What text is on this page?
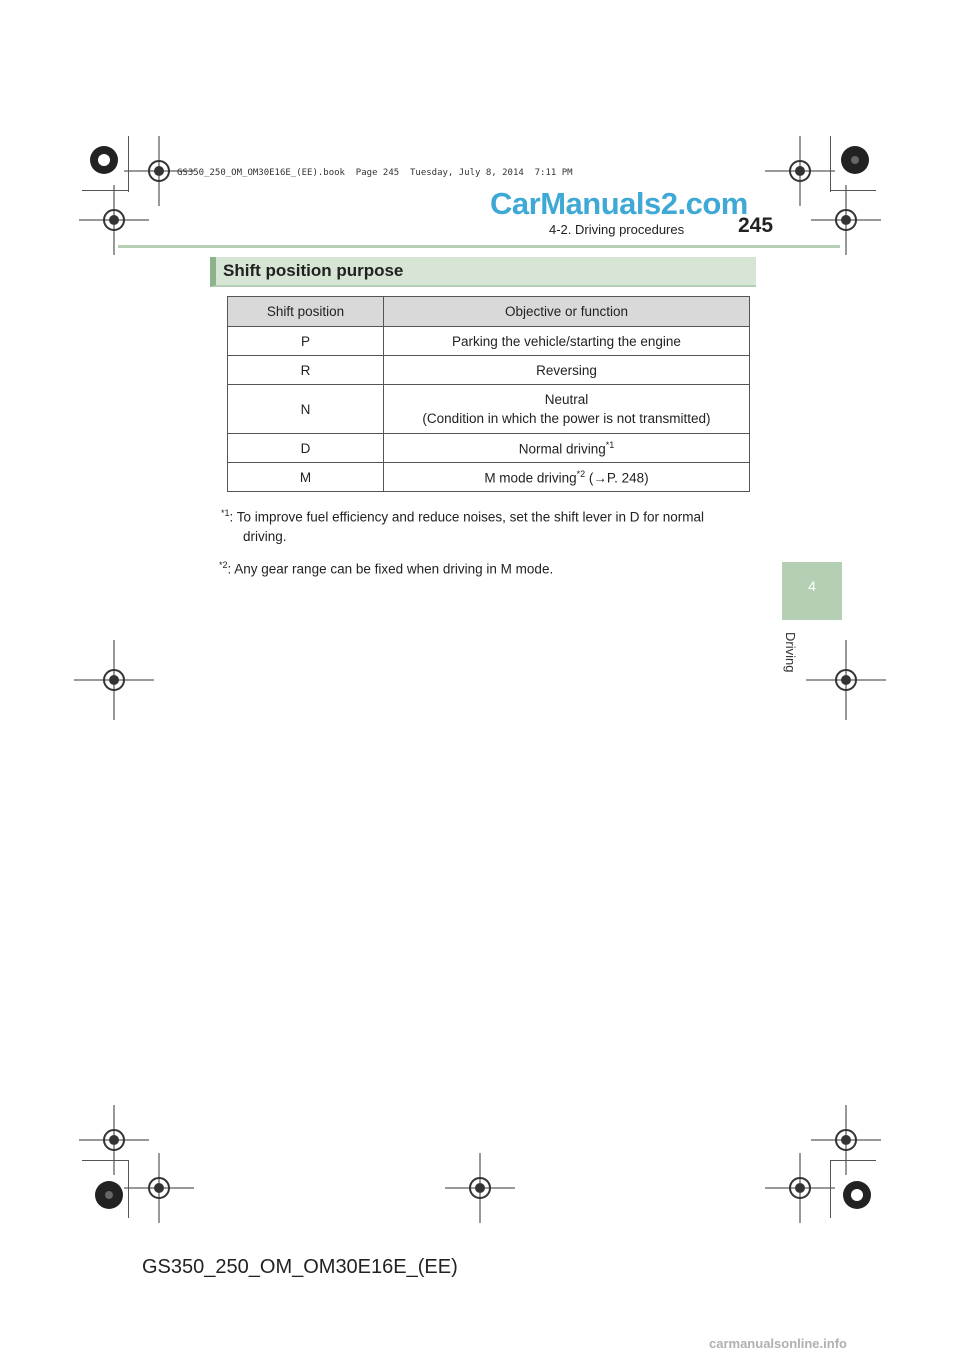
GS350_250_OM_OM30E16E_(EE).book  Page 245  Tuesday, July 8, 2014  7:11 PM
CarManuals2.com
4-2. Driving procedures	245
4
Driving
Shift position purpose
Shift position	Objective or function
P	Parking the vehicle/starting the engine
R	Reversing
N	Neutral
(Condition in which the power is not transmitted)
D	Normal driving$^{*1}$
M	M mode driving$^{*2}$ (→P. 248)
$^{*1}$: To improve fuel efficiency and reduce noises, set the shift lever in D for normal
driving.
$^{*2}$: Any gear range can be fixed when driving in M mode.
GS350_250_OM_OM30E16E_(EE)
carmanualsonline.info
